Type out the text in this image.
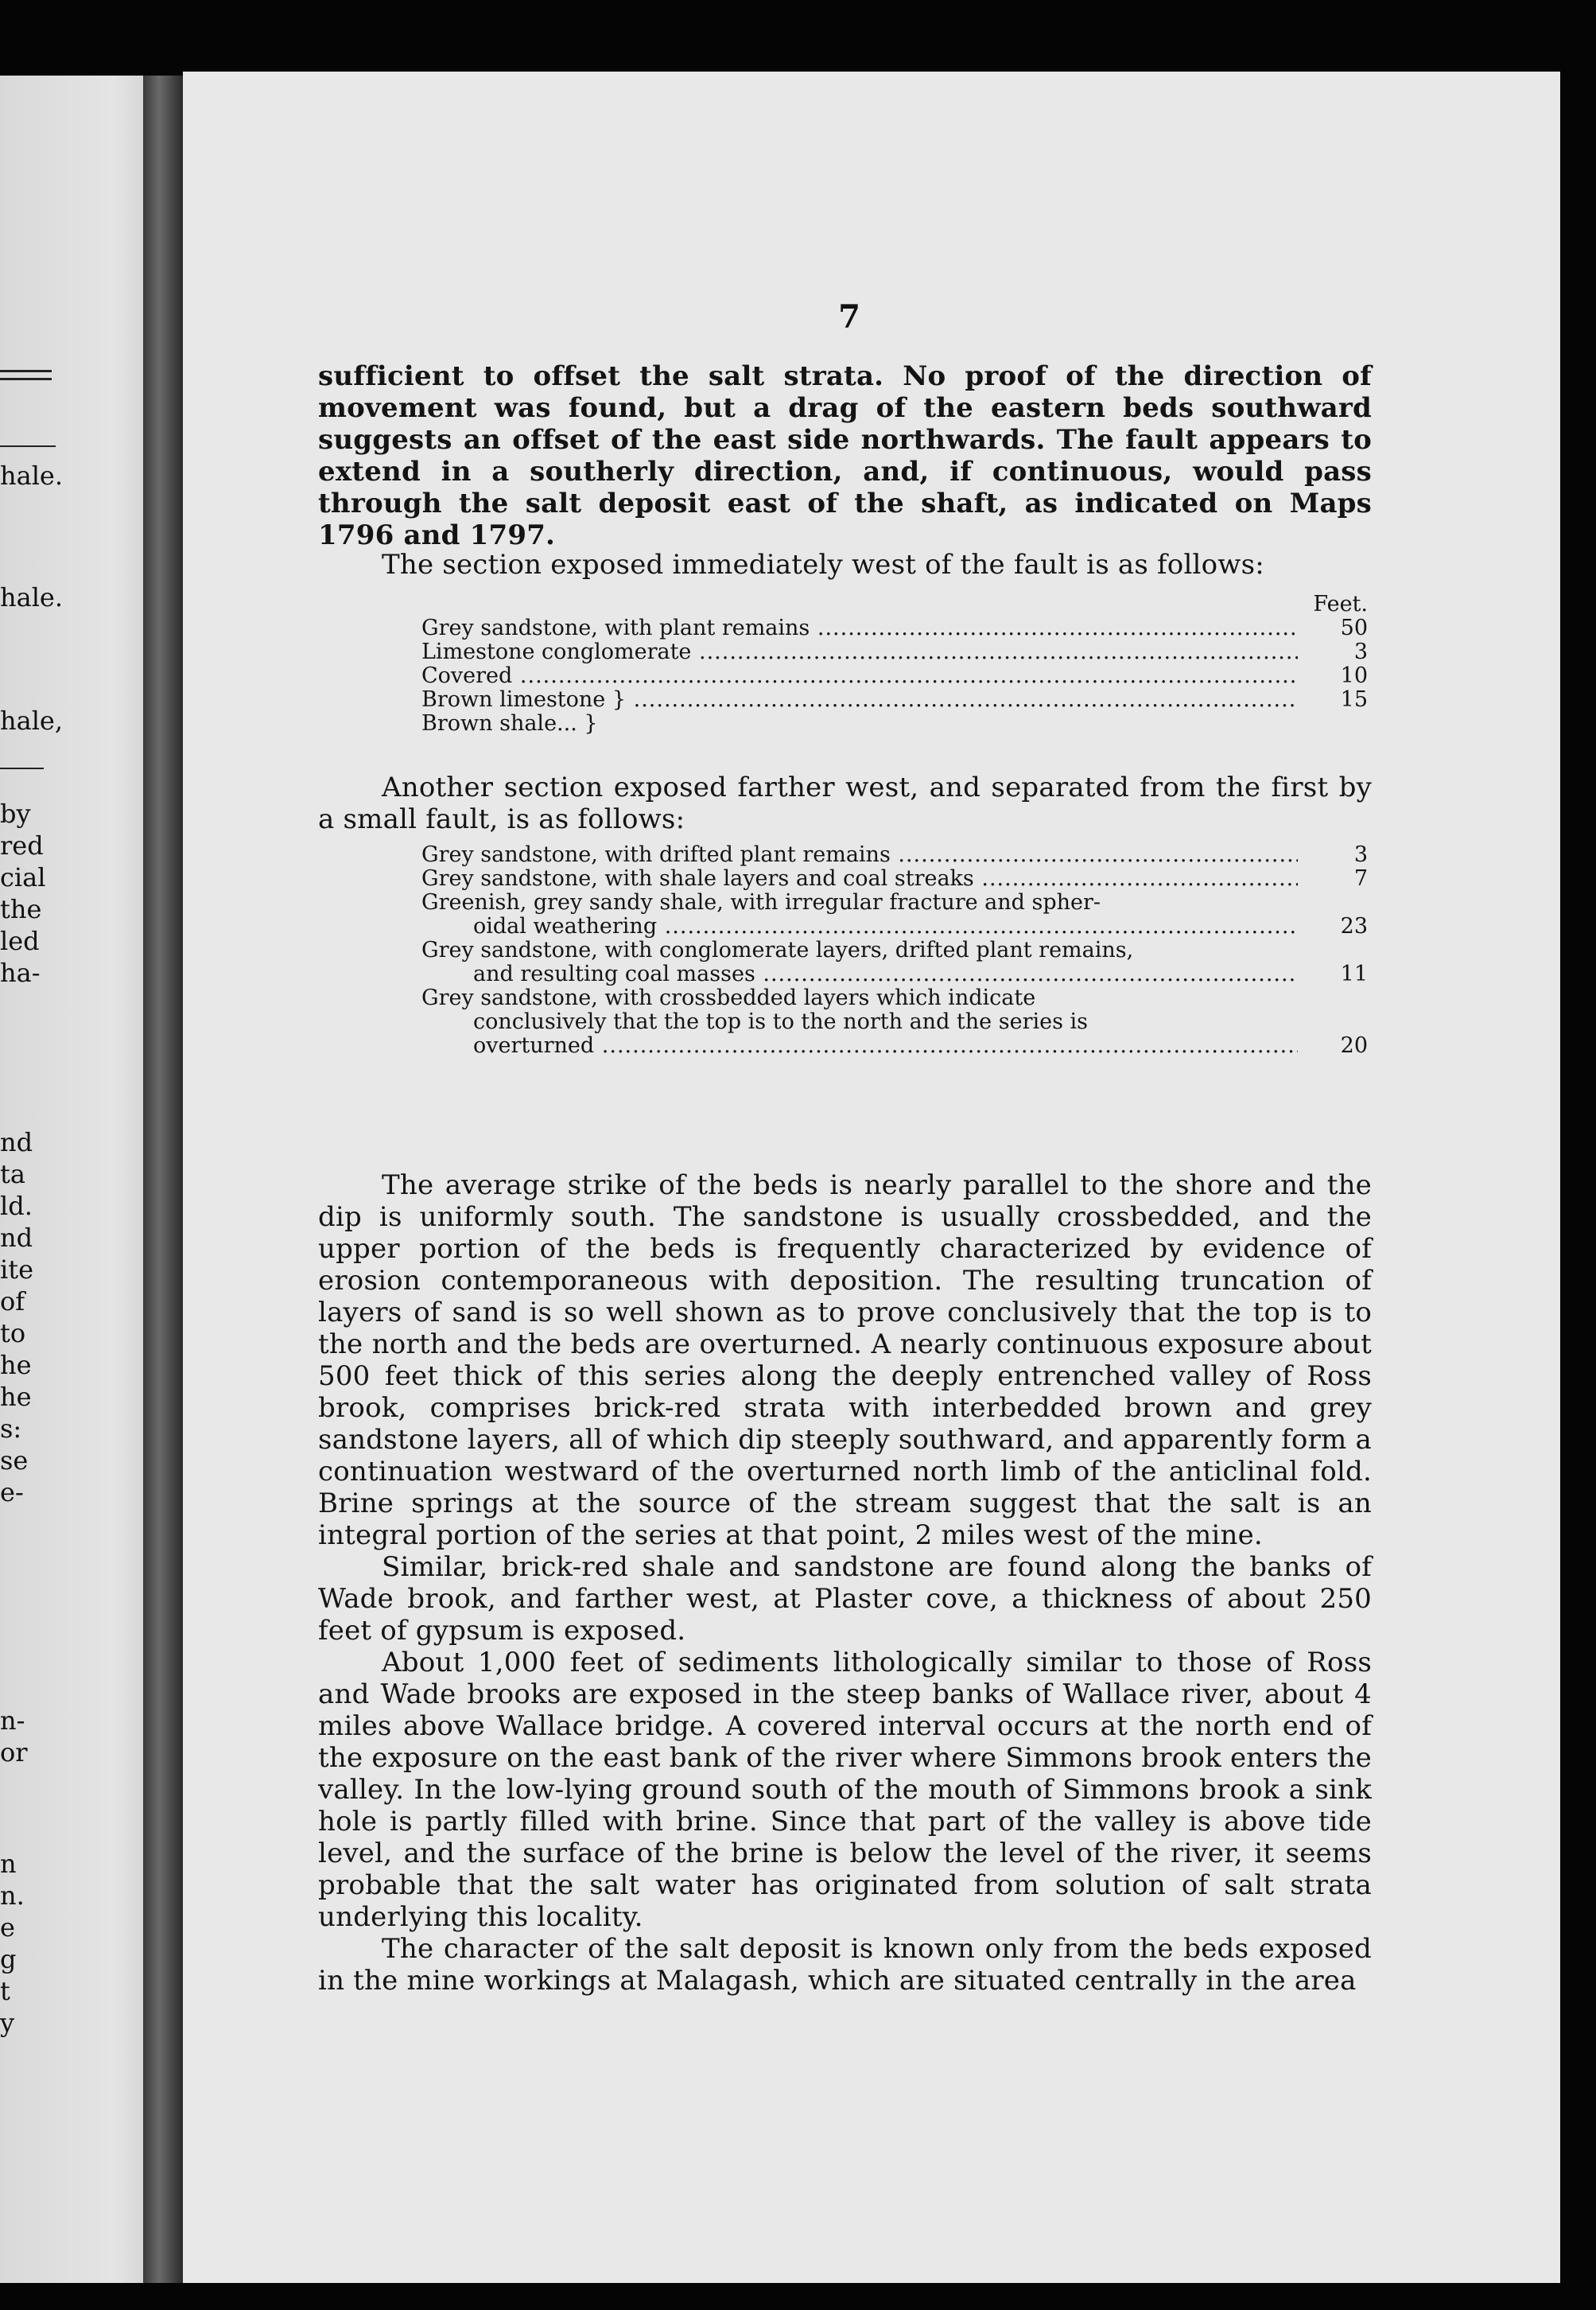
hale.
hale.
hale,
by
red
cial
the
led
ha-
nd
ta
ld.
nd
ite
of
to
he
he
s:
se
e-
n-
or
n
n.
e
g
t
y
7

sufficient to offset the salt strata. No proof of the direction of movement was found, but a drag of the eastern beds southward suggests an offset of the east side northwards. The fault appears to extend in a southerly direction, and, if continuous, would pass through the salt deposit east of the shaft, as indicated on Maps 1796 and 1797.

The section exposed immediately west of the fault is as follows:

Feet.
Grey sandstone, with plant remains .....	50
Limestone conglomerate .....	3
Covered .....	10
Brown limestone } .....	15
Brown shale... }

Another section exposed farther west, and separated from the first by a small fault, is as follows:

Grey sandstone, with drifted plant remains .....	3
Grey sandstone, with shale layers and coal streaks .....	7
Greenish, grey sandy shale, with irregular fracture and spher-
oidal weathering .....	23
Grey sandstone, with conglomerate layers, drifted plant remains,
and resulting coal masses .....	11
Grey sandstone, with crossbedded layers which indicate
conclusively that the top is to the north and the series is
overturned .....	20

The average strike of the beds is nearly parallel to the shore and the dip is uniformly south. The sandstone is usually crossbedded, and the upper portion of the beds is frequently characterized by evidence of erosion contemporaneous with deposition. The resulting truncation of layers of sand is so well shown as to prove conclusively that the top is to the north and the beds are overturned. A nearly continuous exposure about 500 feet thick of this series along the deeply entrenched valley of Ross brook, comprises brick-red strata with interbedded brown and grey sandstone layers, all of which dip steeply southward, and apparently form a continuation westward of the overturned north limb of the anticlinal fold. Brine springs at the source of the stream suggest that the salt is an integral portion of the series at that point, 2 miles west of the mine.

Similar, brick-red shale and sandstone are found along the banks of Wade brook, and farther west, at Plaster cove, a thickness of about 250 feet of gypsum is exposed.

About 1,000 feet of sediments lithologically similar to those of Ross and Wade brooks are exposed in the steep banks of Wallace river, about 4 miles above Wallace bridge. A covered interval occurs at the north end of the exposure on the east bank of the river where Simmons brook enters the valley. In the low-lying ground south of the mouth of Simmons brook a sink hole is partly filled with brine. Since that part of the valley is above tide level, and the surface of the brine is below the level of the river, it seems probable that the salt water has originated from solution of salt strata underlying this locality.

The character of the salt deposit is known only from the beds exposed in the mine workings at Malagash, which are situated centrally in the area
